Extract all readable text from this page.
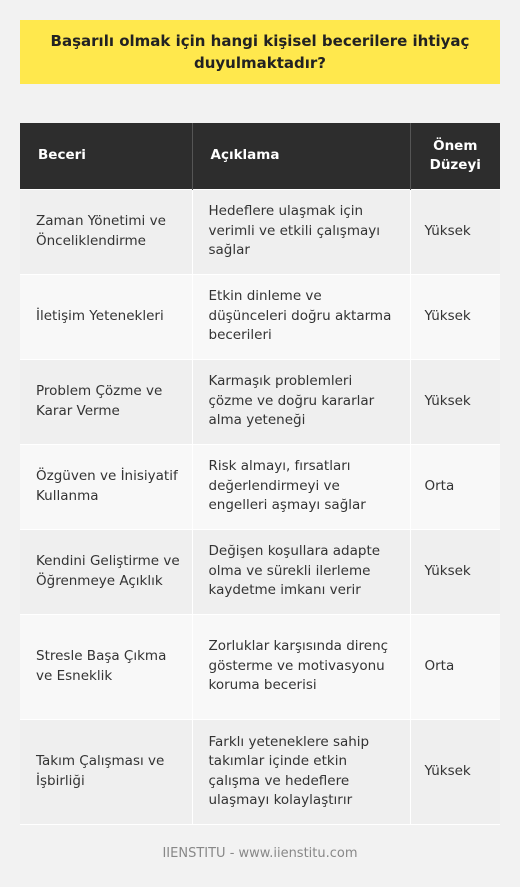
Başarılı olmak için hangi kişisel becerilere ihtiyaç duyulmaktadır?
Beceri	Açıklama	Önem Düzeyi
Zaman Yönetimi ve Önceliklendirme	Hedeflere ulaşmak için verimli ve etkili çalışmayı sağlar	Yüksek
İletişim Yetenekleri	Etkin dinleme ve düşünceleri doğru aktarma becerileri	Yüksek
Problem Çözme ve Karar Verme	Karmaşık problemleri çözme ve doğru kararlar alma yeteneği	Yüksek
Özgüven ve İnisiyatif Kullanma	Risk almayı, fırsatları değerlendirmeyi ve engelleri aşmayı sağlar	Orta
Kendini Geliştirme ve Öğrenmeye Açıklık	Değişen koşullara adapte olma ve sürekli ilerleme kaydetme imkanı verir	Yüksek
Stresle Başa Çıkma ve Esneklik	Zorluklar karşısında direnç gösterme ve motivasyonu koruma becerisi	Orta
Takım Çalışması ve İşbirliği	Farklı yeteneklere sahip takımlar içinde etkin çalışma ve hedeflere ulaşmayı kolaylaştırır	Yüksek
IIENSTITU - www.iienstitu.com
